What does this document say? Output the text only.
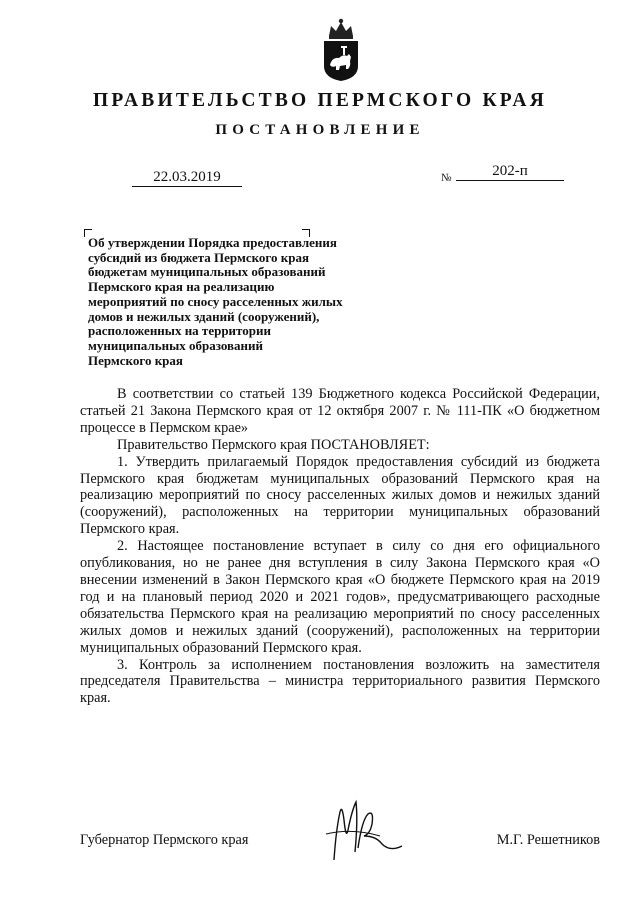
ПРАВИТЕЛЬСТВО ПЕРМСКОГО КРАЯ
ПОСТАНОВЛЕНИЕ
22.03.2019	№	202-п
Об утверждении Порядка предоставления
субсидий из бюджета Пермского края
бюджетам муниципальных образований
Пермского края на реализацию
мероприятий по сносу расселенных жилых
домов и нежилых зданий (сооружений),
расположенных на территории
муниципальных образований
Пермского края

В соответствии со статьей 139 Бюджетного кодекса Российской Федерации, статьей 21 Закона Пермского края от 12 октября 2007 г. № 111-ПК «О бюджетном процессе в Пермском крае»

Правительство Пермского края ПОСТАНОВЛЯЕТ:

1. Утвердить прилагаемый Порядок предоставления субсидий из бюджета Пермского края бюджетам муниципальных образований Пермского края на реализацию мероприятий по сносу расселенных жилых домов и нежилых зданий (сооружений), расположенных на территории муниципальных образований Пермского края.

2. Настоящее постановление вступает в силу со дня его официального опубликования, но не ранее дня вступления в силу Закона Пермского края «О внесении изменений в Закон Пермского края «О бюджете Пермского края на 2019 год и на плановый период 2020 и 2021 годов», предусматривающего расходные обязательства Пермского края на реализацию мероприятий по сносу расселенных жилых домов и нежилых зданий (сооружений), расположенных на территории муниципальных образований Пермского края.

3. Контроль за исполнением постановления возложить на заместителя председателя Правительства – министра территориального развития Пермского края.

Губернатор Пермского края	М.Г. Решетников
